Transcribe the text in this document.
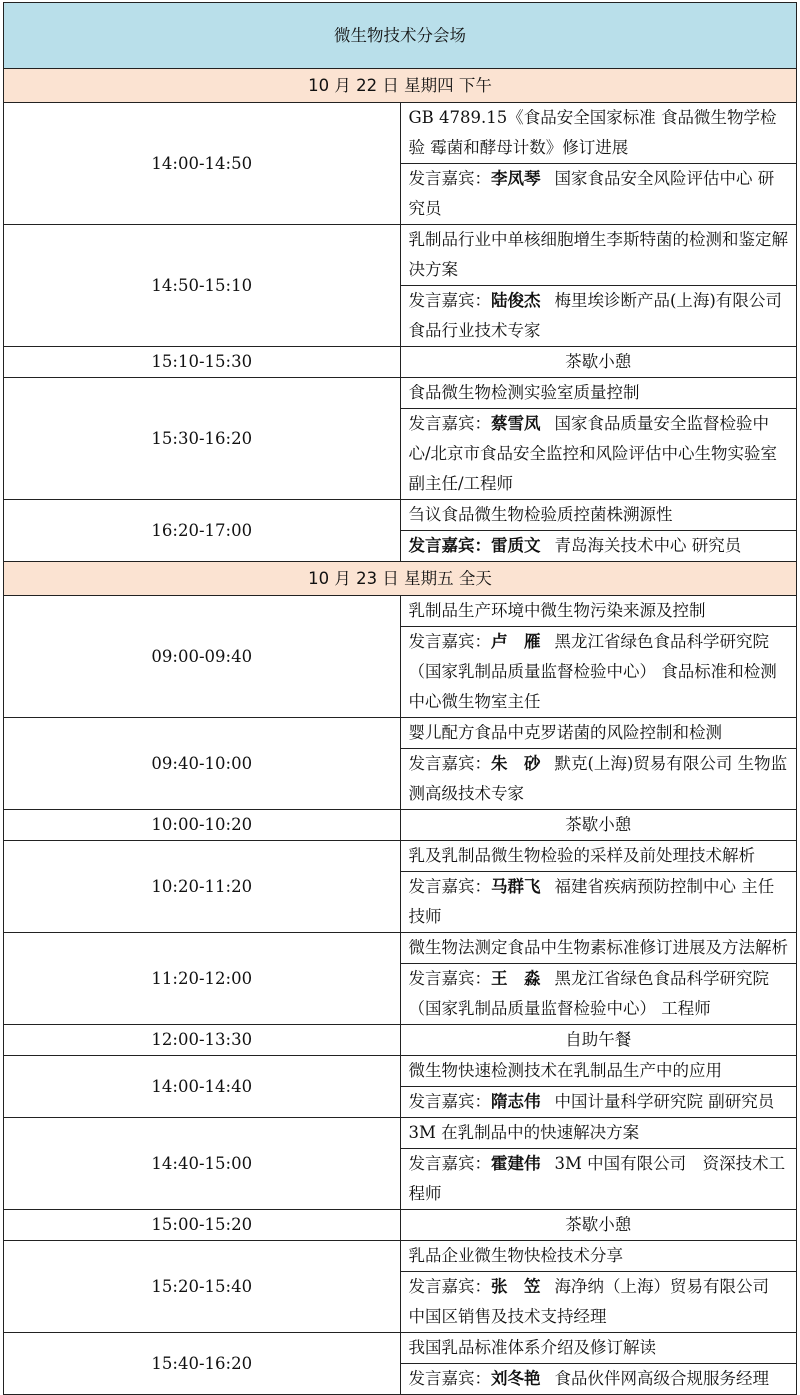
微生物技术分会场	
10 月 22 日 星期四 下午	
14:00-14:50	GB 4789.15《食品安全国家标准 食品微生物学检验 霉菌和酵母计数》修订进展
	发言嘉宾：李凤琴 国家食品安全风险评估中心 研究员
14:50-15:10	乳制品行业中单核细胞增生李斯特菌的检测和鉴定解决方案
	发言嘉宾：陆俊杰 梅里埃诊断产品(上海)有限公司 食品行业技术专家
15:10-15:30	茶歇小憩
15:30-16:20	食品微生物检测实验室质量控制
	发言嘉宾：蔡雪凤 国家食品质量安全监督检验中心/北京市食品安全监控和风险评估中心生物实验室副主任/工程师
16:20-17:00	刍议食品微生物检验质控菌株溯源性
	发言嘉宾：雷质文 青岛海关技术中心 研究员
10 月 23 日 星期五 全天	
09:00-09:40	乳制品生产环境中微生物污染来源及控制
	发言嘉宾：卢　雁 黑龙江省绿色食品科学研究院（国家乳制品质量监督检验中心） 食品标准和检测中心微生物室主任
09:40-10:00	婴儿配方食品中克罗诺菌的风险控制和检测
	发言嘉宾：朱　砂 默克(上海)贸易有限公司 生物监测高级技术专家
10:00-10:20	茶歇小憩
10:20-11:20	乳及乳制品微生物检验的采样及前处理技术解析
	发言嘉宾：马群飞 福建省疾病预防控制中心 主任技师
11:20-12:00	微生物法测定食品中生物素标准修订进展及方法解析
	发言嘉宾：王　淼 黑龙江省绿色食品科学研究院（国家乳制品质量监督检验中心） 工程师
12:00-13:30	自助午餐
14:00-14:40	微生物快速检测技术在乳制品生产中的应用
	发言嘉宾：隋志伟 中国计量科学研究院 副研究员
14:40-15:00	3M 在乳制品中的快速解决方案
	发言嘉宾：霍建伟 3M 中国有限公司　资深技术工程师
15:00-15:20	茶歇小憩
15:20-15:40	乳品企业微生物快检技术分享
	发言嘉宾：张　笠 海净纳（上海）贸易有限公司　中国区销售及技术支持经理
15:40-16:20	我国乳品标准体系介绍及修订解读
	发言嘉宾：刘冬艳 食品伙伴网高级合规服务经理
